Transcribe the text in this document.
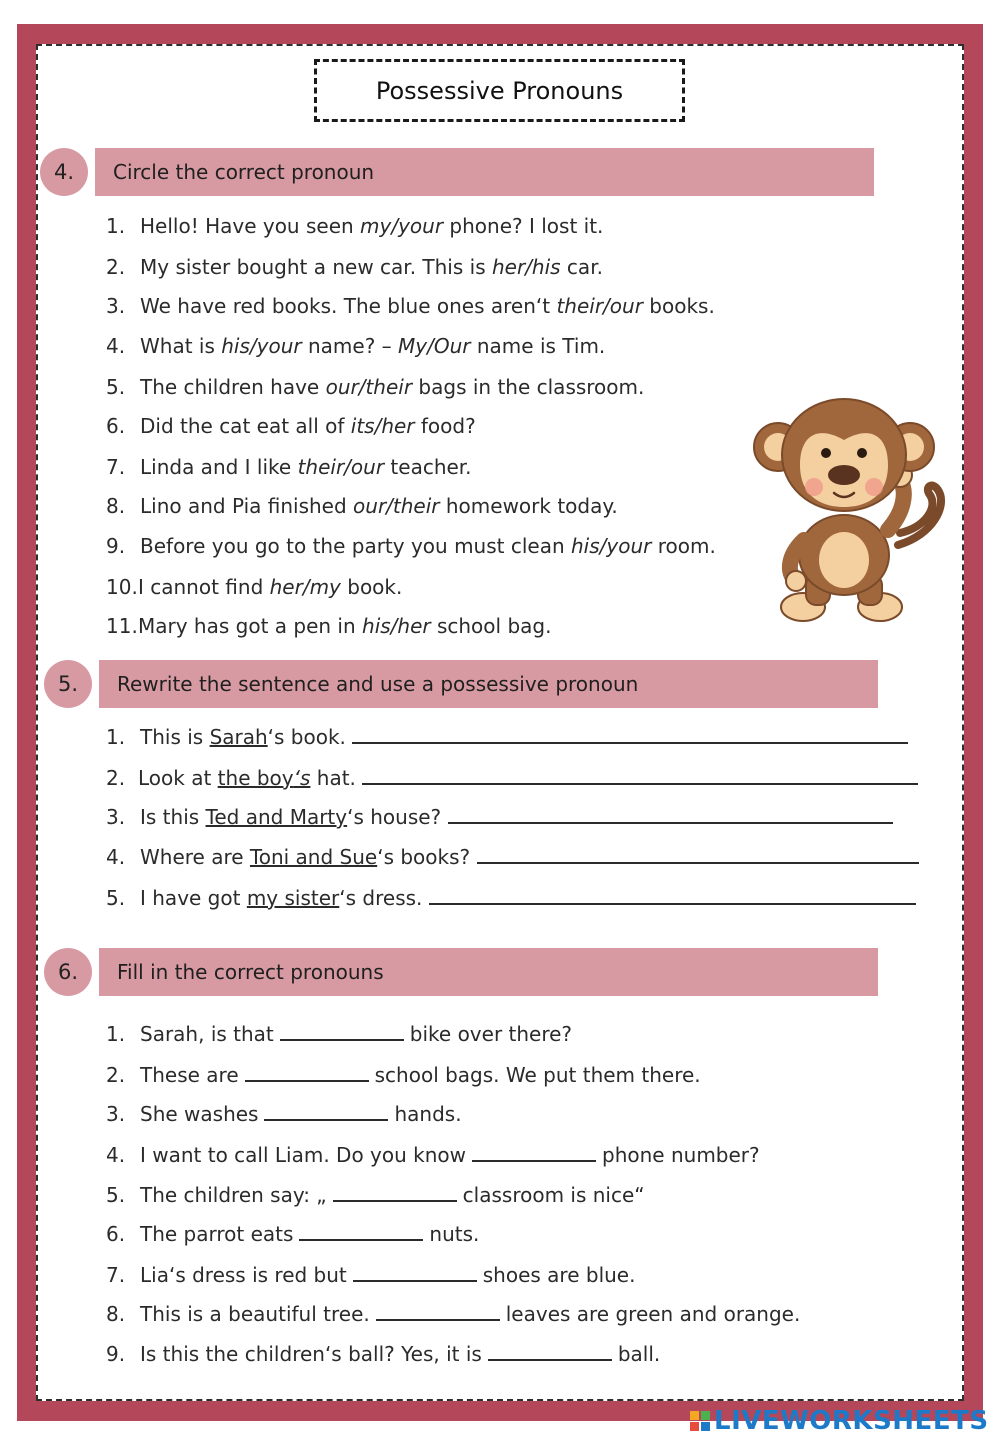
Possessive Pronouns
4.	Circle the correct pronoun
1. Hello! Have you seen my/your phone? I lost it.
2. My sister bought a new car. This is her/his car.
3. We have red books. The blue ones aren‘t their/our books.
4. What is his/your name? – My/Our name is Tim.
5. The children have our/their bags in the classroom.
6. Did the cat eat all of its/her food?
7. Linda and I like their/our teacher.
8. Lino and Pia finished our/their homework today.
9. Before you go to the party you must clean his/your room.
10.I cannot find her/my book.
11.Mary has got a pen in his/her school bag.
5.	Rewrite the sentence and use a possessive pronoun
1. This is Sarah‘s book.
2. Look at the boy‘s hat.
3. Is this Ted and Marty‘s house?
4. Where are Toni and Sue‘s books?
5. I have got my sister‘s dress.
6.	Fill in the correct pronouns
1. Sarah, is that	bike over there?
2. These are	school bags. We put them there.
3. She washes	hands.
4. I want to call Liam. Do you know	phone number?
5. The children say: „	classroom is nice“
6. The parrot eats	nuts.
7. Lia‘s dress is red but	shoes are blue.
8. This is a beautiful tree.	leaves are green and orange.
9. Is this the children‘s ball? Yes, it is	ball.
LIVEWORKSHEETS
